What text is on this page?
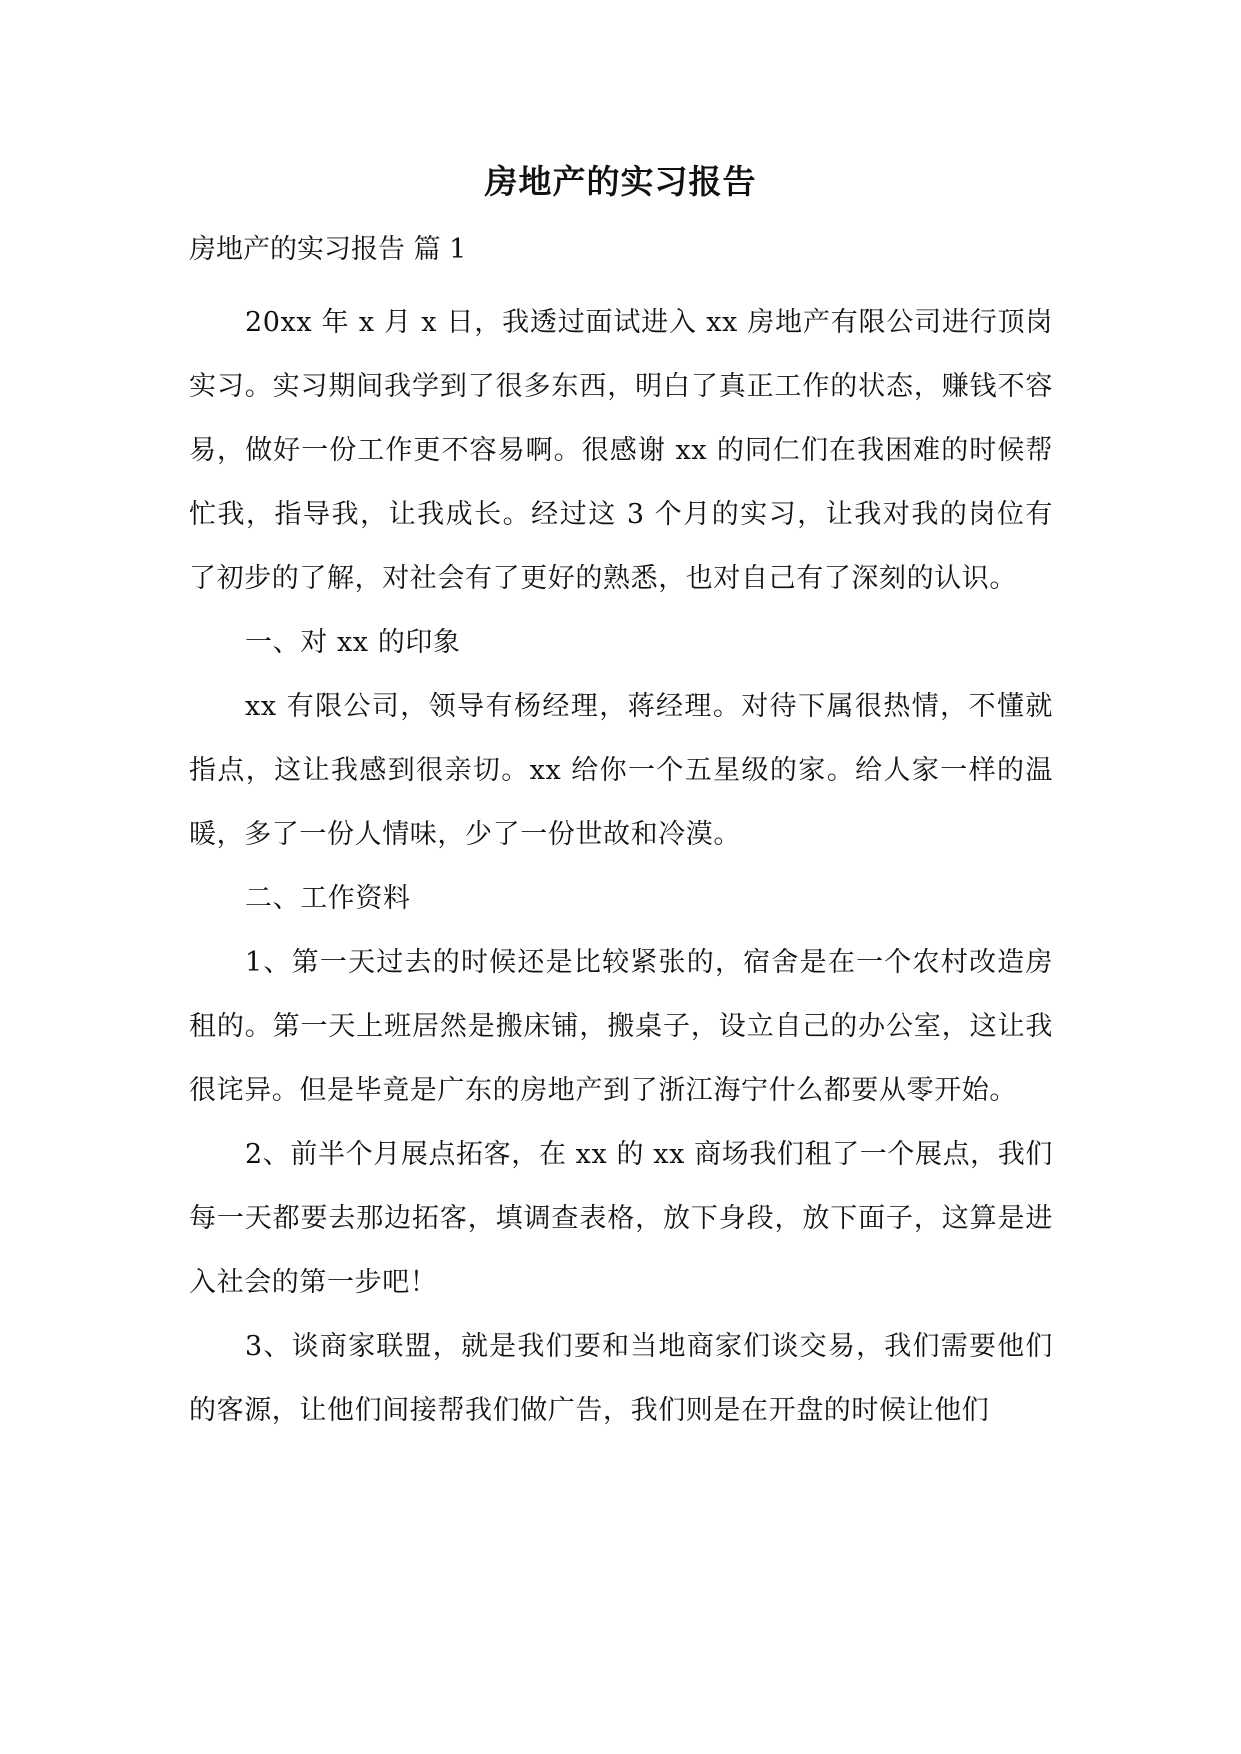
房地产的实习报告

房地产的实习报告 篇 1

20xx 年 x 月 x 日，我透过面试进入 xx 房地产有限公司进行顶岗实习。实习期间我学到了很多东西，明白了真正工作的状态，赚钱不容易，做好一份工作更不容易啊。很感谢 xx 的同仁们在我困难的时候帮忙我，指导我，让我成长。经过这 3 个月的实习，让我对我的岗位有了初步的了解，对社会有了更好的熟悉，也对自己有了深刻的认识。

一、对 xx 的印象

xx 有限公司，领导有杨经理，蒋经理。对待下属很热情，不懂就指点，这让我感到很亲切。xx 给你一个五星级的家。给人家一样的温暖，多了一份人情味，少了一份世故和冷漠。

二、工作资料

1、第一天过去的时候还是比较紧张的，宿舍是在一个农村改造房租的。第一天上班居然是搬床铺，搬桌子，设立自己的办公室，这让我很诧异。但是毕竟是广东的房地产到了浙江海宁什么都要从零开始。

2、前半个月展点拓客，在 xx 的 xx 商场我们租了一个展点，我们每一天都要去那边拓客，填调查表格，放下身段，放下面子，这算是进入社会的第一步吧！

3、谈商家联盟，就是我们要和当地商家们谈交易，我们需要他们的客源，让他们间接帮我们做广告，我们则是在开盘的时候让他们
